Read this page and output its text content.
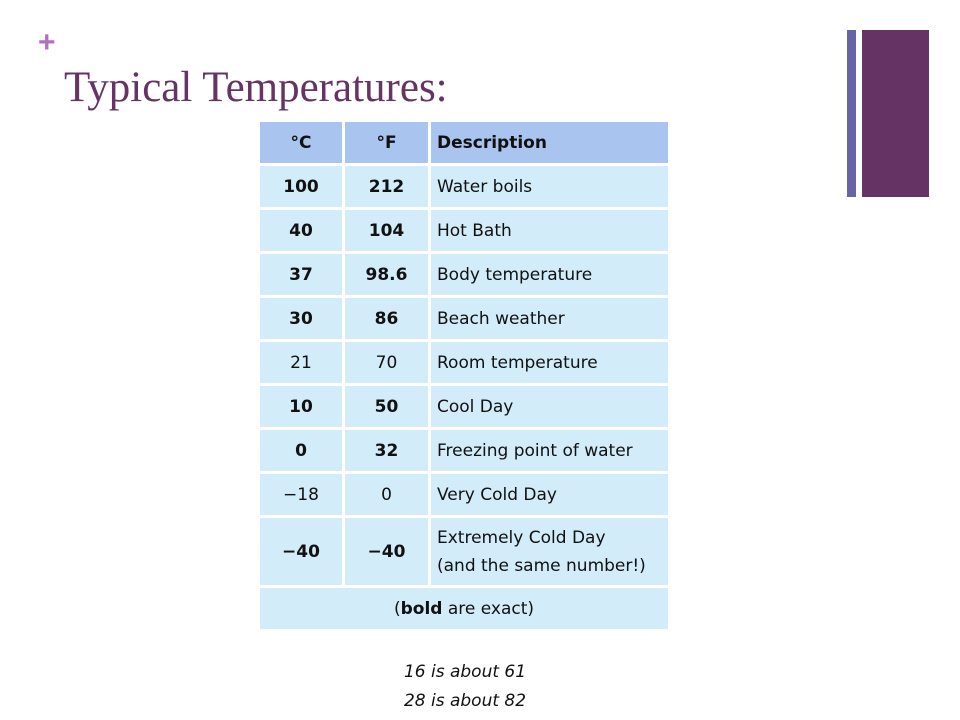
+
Typical Temperatures:
°C	°F	Description
100	212	Water boils
40	104	Hot Bath
37	98.6	Body temperature
30	86	Beach weather
21	70	Room temperature
10	50	Cool Day
0	32	Freezing point of water
−18	0	Very Cold Day
−40	−40	Extremely Cold Day
(and the same number!)
(bold are exact)		
16 is about 61
28 is about 82
